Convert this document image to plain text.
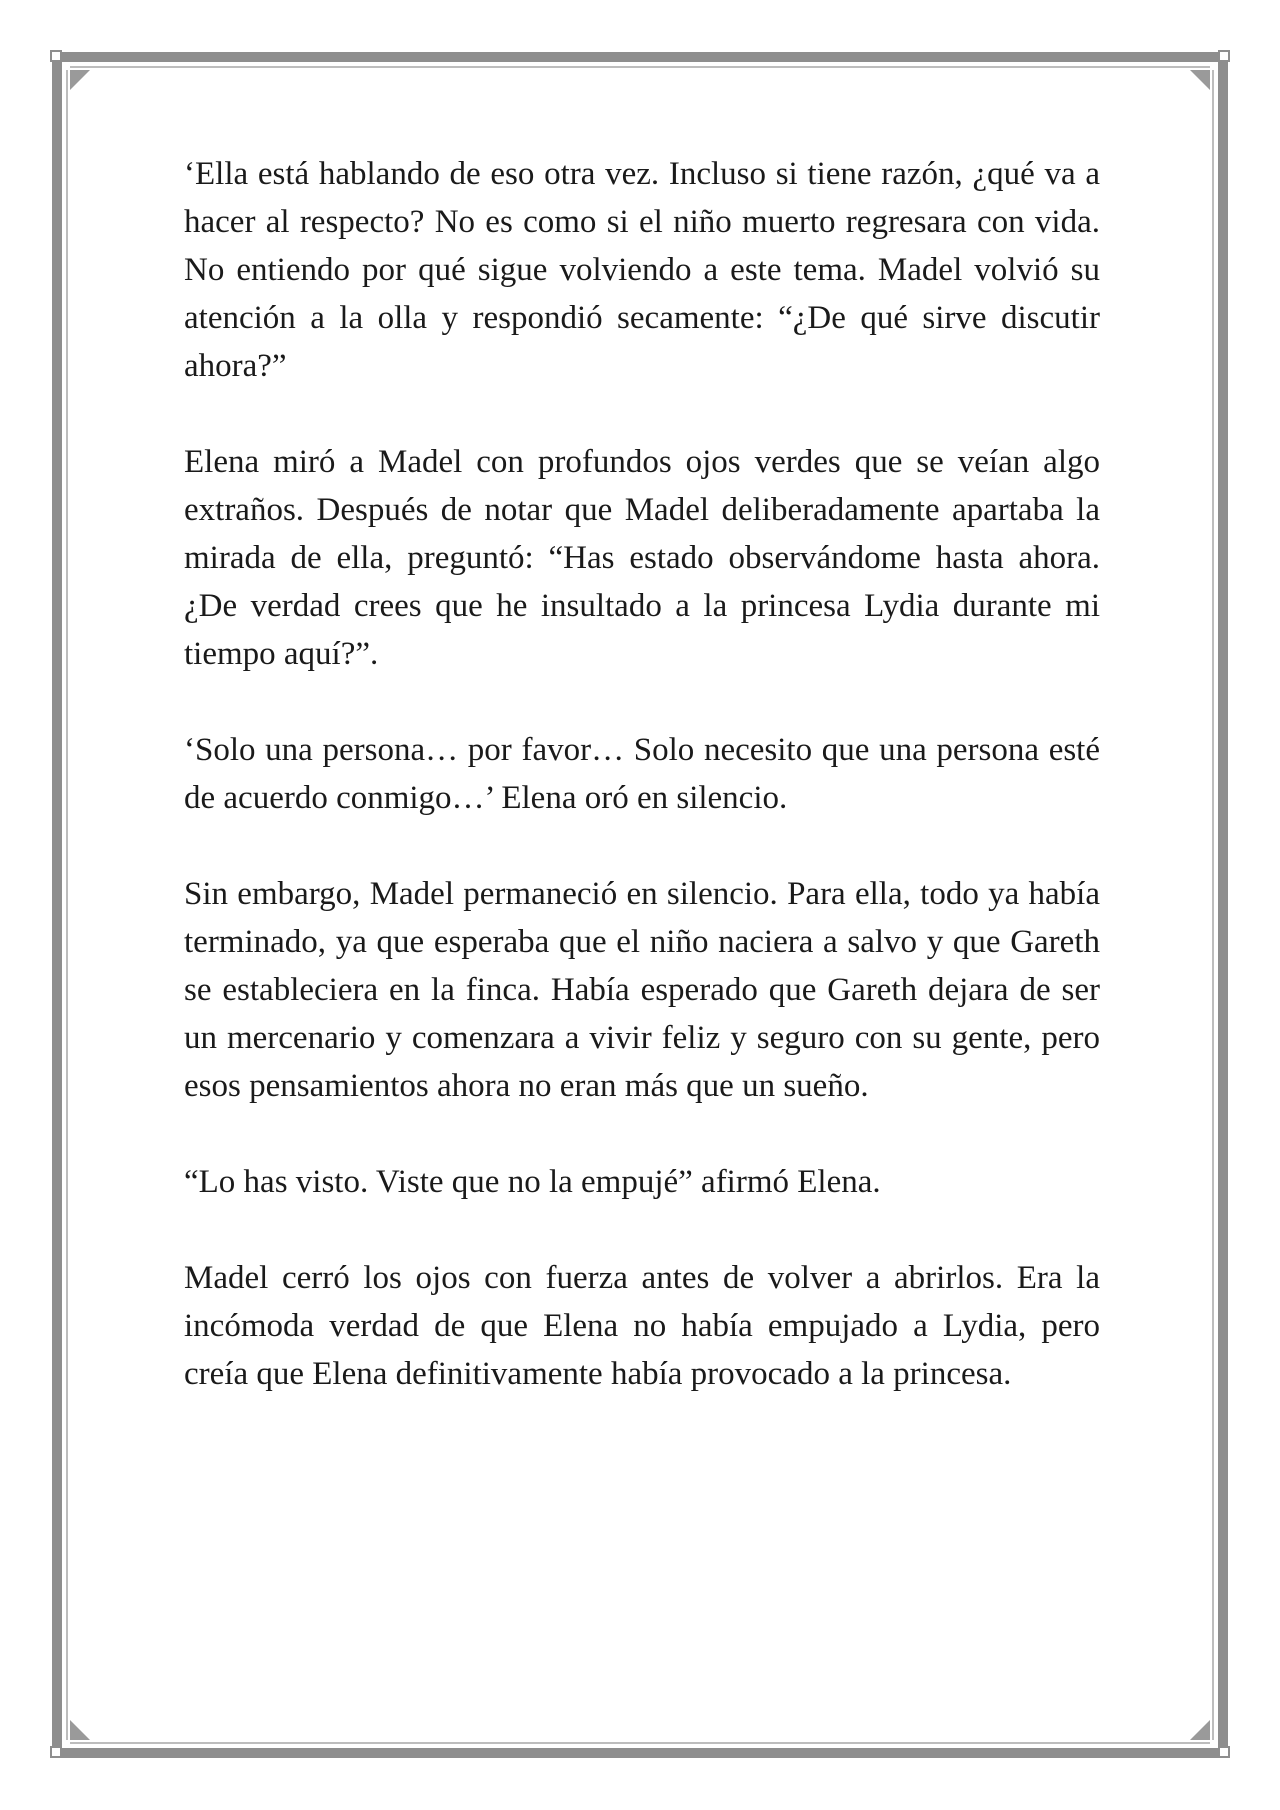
‘Ella está hablando de eso otra vez. Incluso si tiene razón, ¿qué va a hacer al respecto? No es como si el niño muerto regresara con vida. No entiendo por qué sigue volviendo a este tema. Madel volvió su atención a la olla y respondió secamente: “¿De qué sirve discutir ahora?”

Elena miró a Madel con profundos ojos verdes que se veían algo extraños. Después de notar que Madel deliberadamente apartaba la mirada de ella, preguntó: “Has estado observándome hasta ahora. ¿De verdad crees que he insultado a la princesa Lydia durante mi tiempo aquí?”.

‘Solo una persona… por favor… Solo necesito que una persona esté de acuerdo conmigo…’ Elena oró en silencio.

Sin embargo, Madel permaneció en silencio. Para ella, todo ya había terminado, ya que esperaba que el niño naciera a salvo y que Gareth se estableciera en la finca. Había esperado que Gareth dejara de ser un mercenario y comenzara a vivir feliz y seguro con su gente, pero esos pensamientos ahora no eran más que un sueño.

“Lo has visto. Viste que no la empujé” afirmó Elena.

Madel cerró los ojos con fuerza antes de volver a abrirlos. Era la incómoda verdad de que Elena no había empujado a Lydia, pero creía que Elena definitivamente había provocado a la princesa.
